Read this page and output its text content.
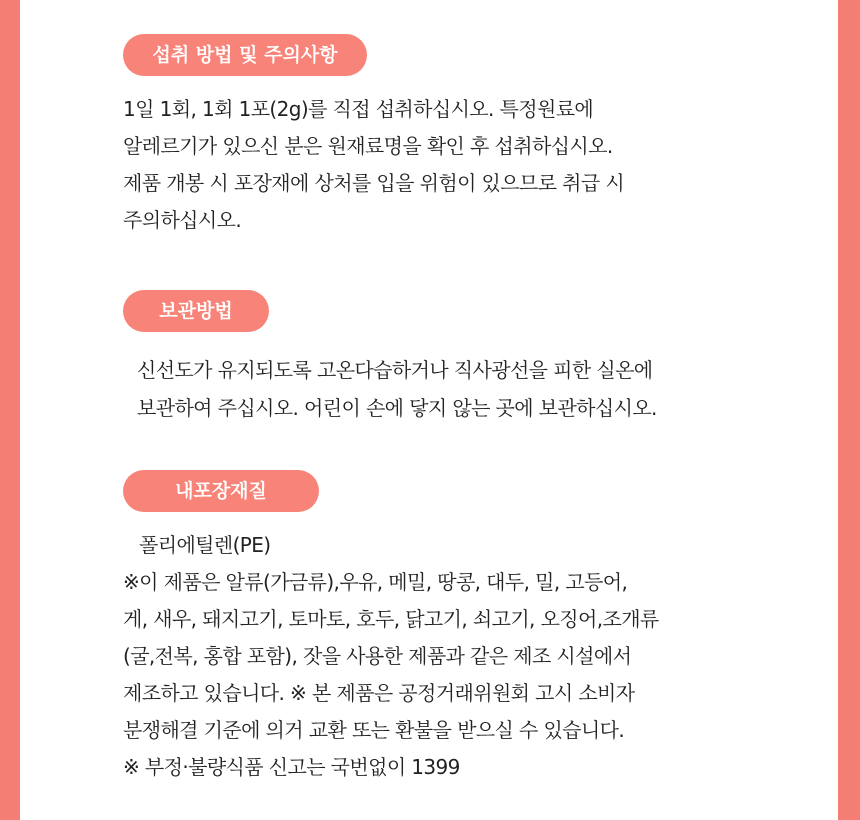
섭취 방법 및 주의사항
1일 1회, 1회 1포(2g)를 직접 섭취하십시오. 특정원료에
알레르기가 있으신 분은 원재료명을 확인 후 섭취하십시오.
제품 개봉 시 포장재에 상처를 입을 위험이 있으므로 취급 시
주의하십시오.
보관방법
신선도가 유지되도록 고온다습하거나 직사광선을 피한 실온에
보관하여 주십시오. 어린이 손에 닿지 않는 곳에 보관하십시오.
내포장재질
폴리에틸렌(PE)
※이 제품은 알류(가금류),우유, 메밀, 땅콩, 대두, 밀, 고등어,
게, 새우, 돼지고기, 토마토, 호두, 닭고기, 쇠고기, 오징어,조개류
(굴,전복, 홍합 포함), 잣을 사용한 제품과 같은 제조 시설에서
제조하고 있습니다. ※ 본 제품은 공정거래위원회 고시 소비자
분쟁해결 기준에 의거 교환 또는 환불을 받으실 수 있습니다.
※ 부정·불량식품 신고는 국번없이 1399
